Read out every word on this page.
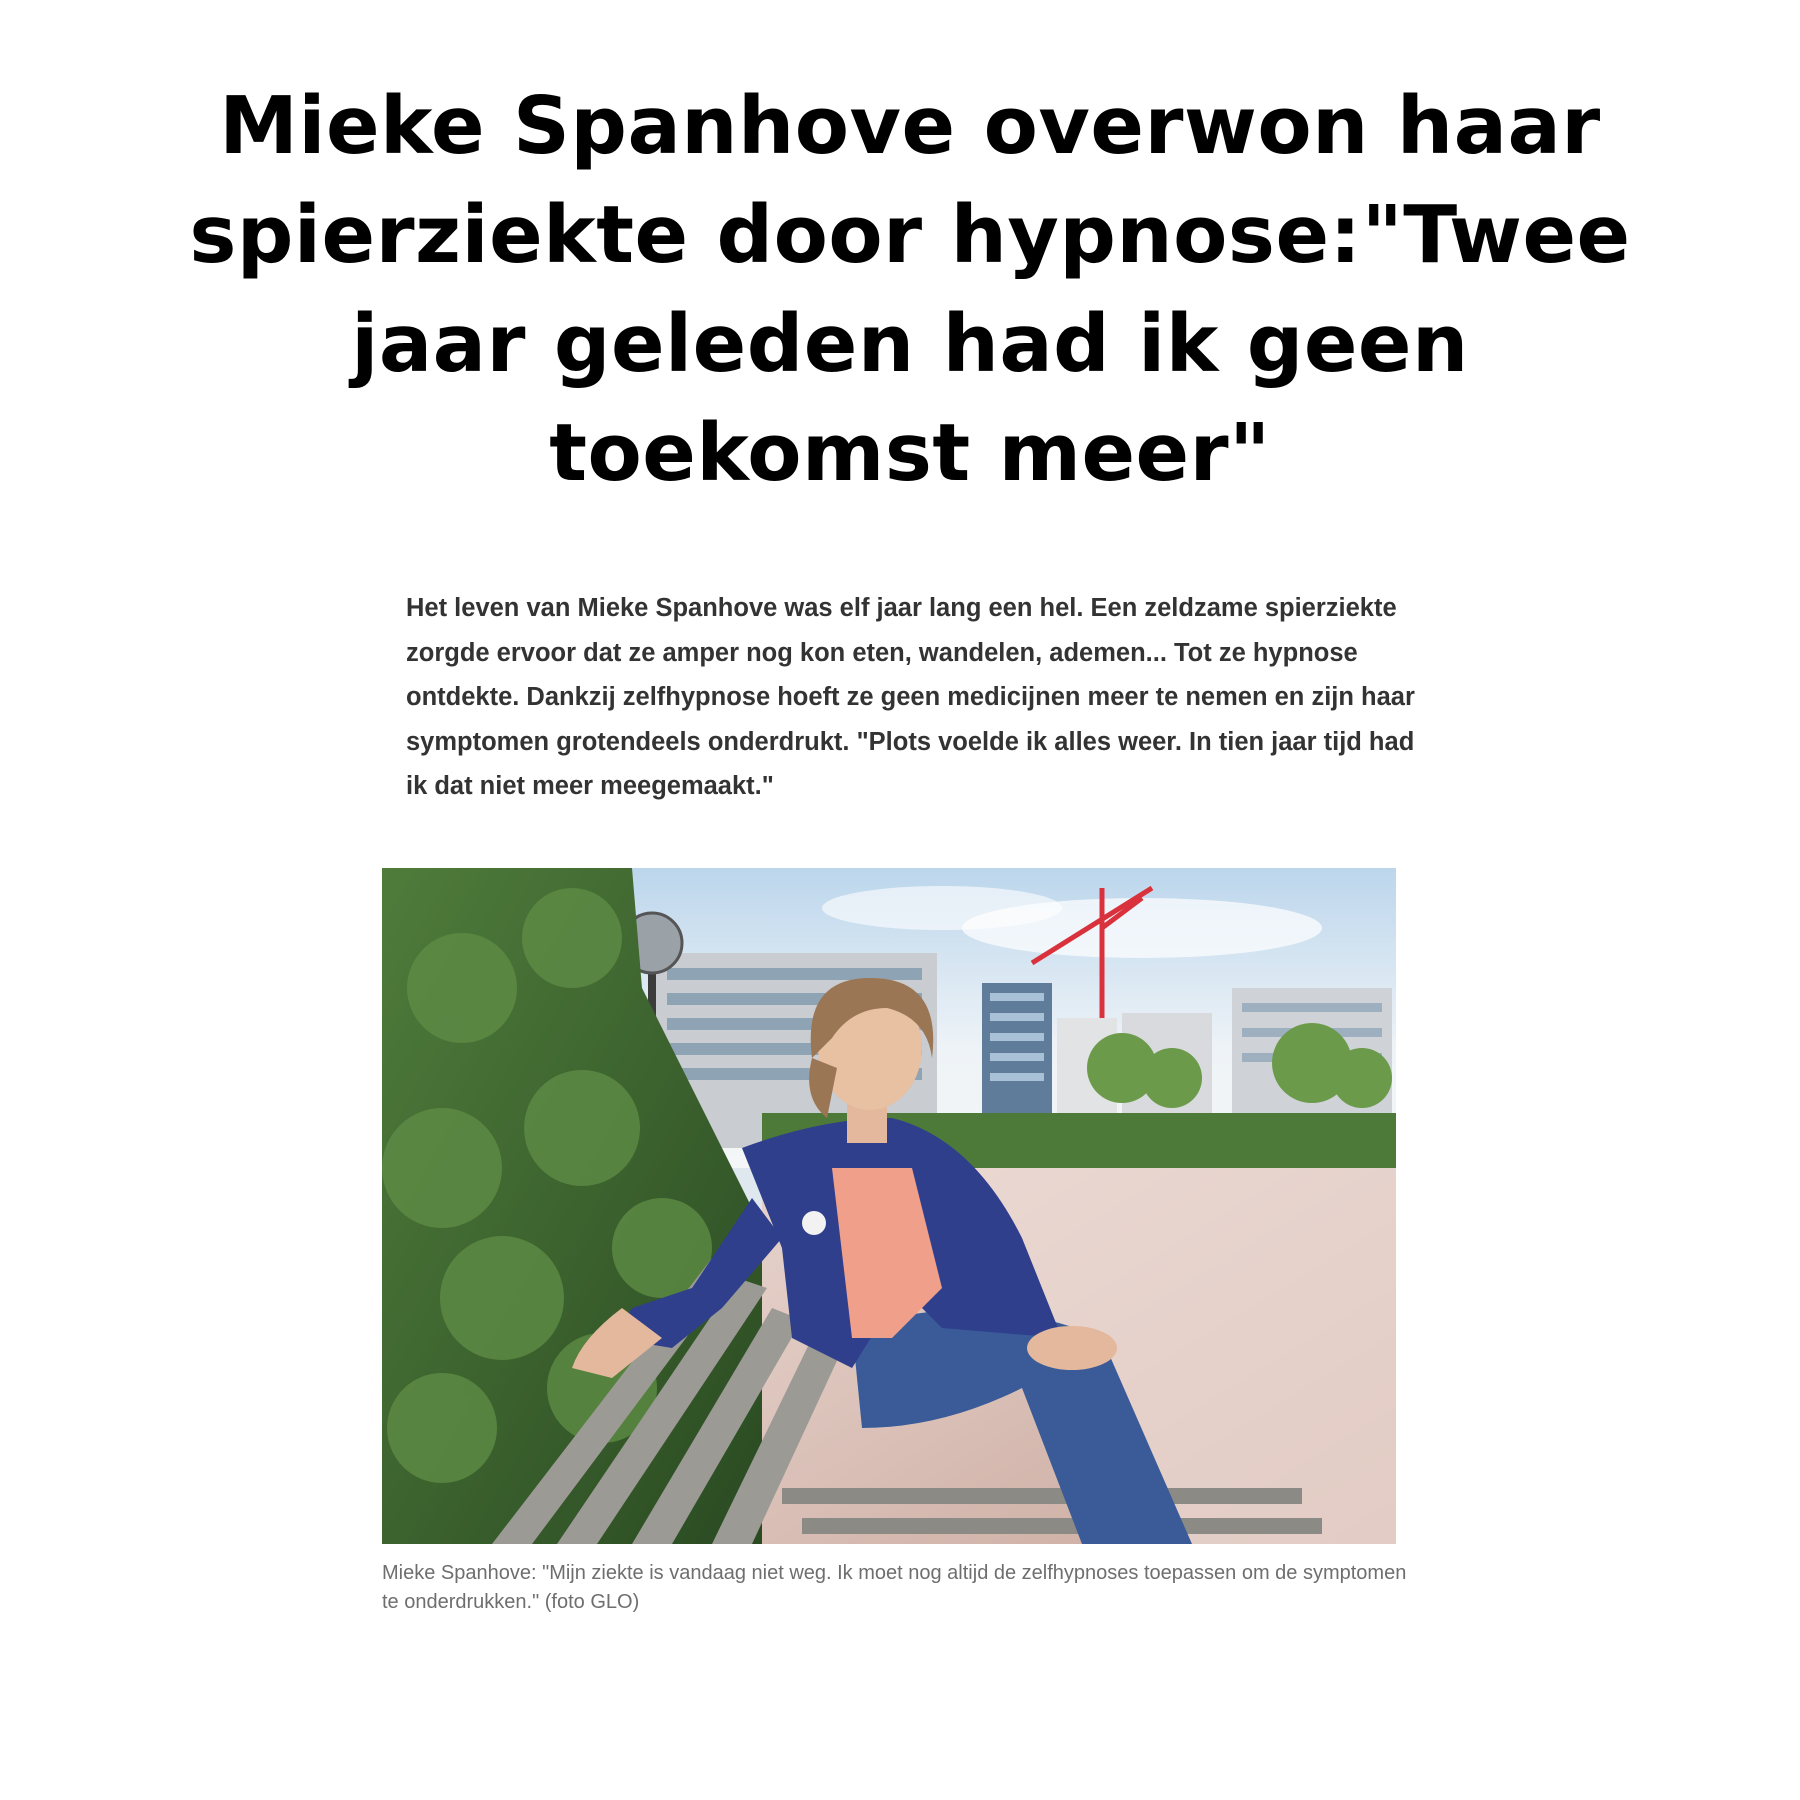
Mieke Spanhove overwon haar spierziekte door hypnose:"Twee jaar geleden had ik geen toekomst meer"

Het leven van Mieke Spanhove was elf jaar lang een hel. Een zeldzame spierziekte zorgde ervoor dat ze amper nog kon eten, wandelen, ademen... Tot ze hypnose ontdekte. Dankzij zelfhypnose hoeft ze geen medicijnen meer te nemen en zijn haar symptomen grotendeels onderdrukt. "Plots voelde ik alles weer. In tien jaar tijd had ik dat niet meer meegemaakt."

Mieke Spanhove: "Mijn ziekte is vandaag niet weg. Ik moet nog altijd de zelfhypnoses toepassen om de symptomen te onderdrukken." (foto GLO)
